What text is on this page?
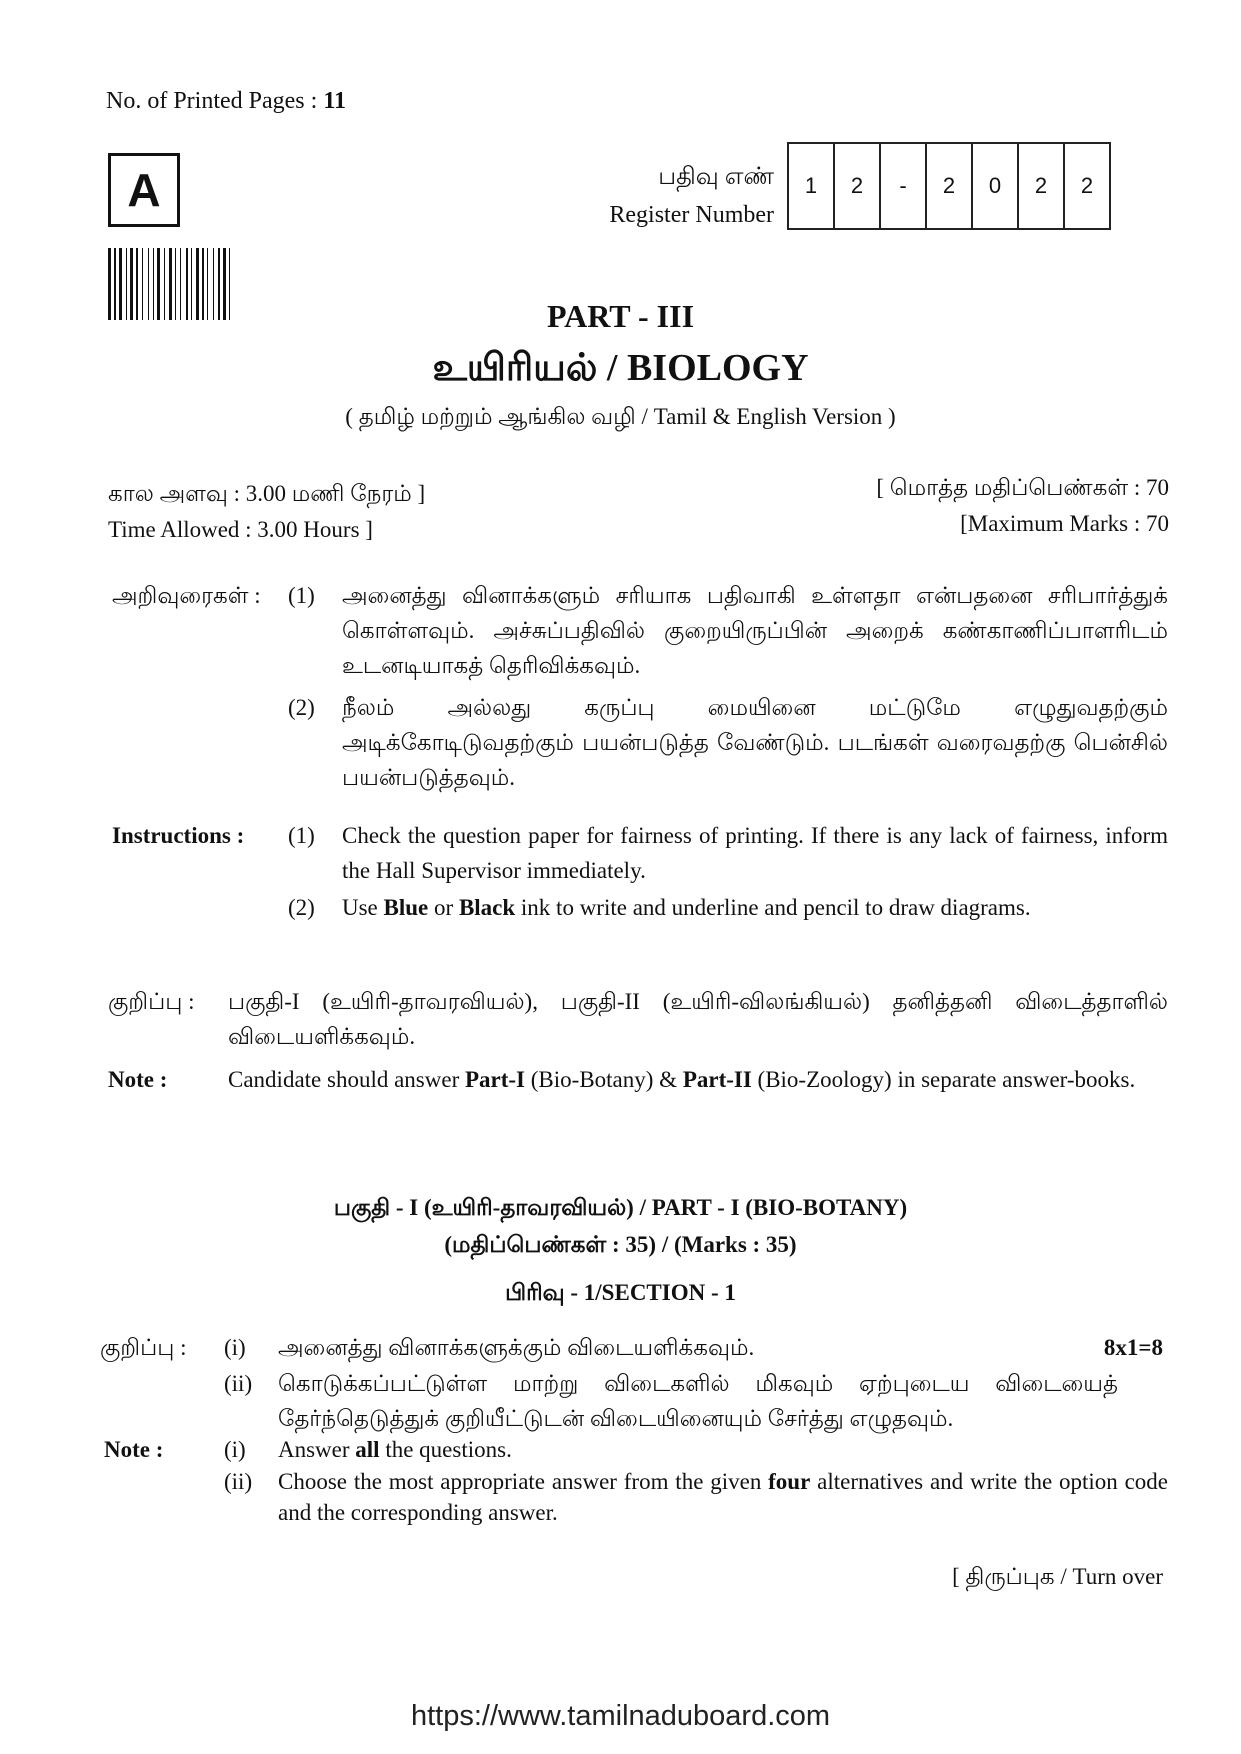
No. of Printed Pages : 11
A	பதிவு எண்
Register Number
1	2	-	2	0	2	2
PART - III
உயிரியல் / BIOLOGY
( தமிழ் மற்றும் ஆங்கில வழி / Tamil & English Version )
கால அளவு : 3.00 மணி நேரம் ]
Time Allowed : 3.00 Hours ]
[ மொத்த மதிப்பெண்கள் : 70
[Maximum Marks : 70
அறிவுரைகள் : (1) அனைத்து வினாக்களும் சரியாக பதிவாகி உள்ளதா என்பதனை சரிபார்த்துக் கொள்ளவும். அச்சுப்பதிவில் குறையிருப்பின் அறைக் கண்காணிப்பாளரிடம் உடனடியாகத் தெரிவிக்கவும்.
(2) நீலம் அல்லது கருப்பு மையினை மட்டுமே எழுதுவதற்கும் அடிக்கோடிடுவதற்கும் பயன்படுத்த வேண்டும். படங்கள் வரைவதற்கு பென்சில் பயன்படுத்தவும்.
Instructions : (1) Check the question paper for fairness of printing. If there is any lack of fairness, inform the Hall Supervisor immediately.
(2) Use Blue or Black ink to write and underline and pencil to draw diagrams.
குறிப்பு : பகுதி-I (உயிரி-தாவரவியல்), பகுதி-II (உயிரி-விலங்கியல்) தனித்தனி விடைத்தாளில் விடையளிக்கவும்.
Note :	Candidate should answer Part-I (Bio-Botany) & Part-II (Bio-Zoology) in separate answer-books.
பகுதி - I (உயிரி-தாவரவியல்) / PART - I (BIO-BOTANY)
(மதிப்பெண்கள் : 35) / (Marks : 35)
பிரிவு - 1/SECTION - 1
குறிப்பு : (i) அனைத்து வினாக்களுக்கும் விடையளிக்கவும்.	8x1=8
(ii) கொடுக்கப்பட்டுள்ள மாற்று விடைகளில் மிகவும் ஏற்புடைய விடையைத் தேர்ந்தெடுத்துக் குறியீட்டுடன் விடையினையும் சேர்த்து எழுதவும்.
Note :	(i) Answer all the questions.
(ii) Choose the most appropriate answer from the given four alternatives and write the option code and the corresponding answer.
[ திருப்புக / Turn over
https://www.tamilnaduboard.com
